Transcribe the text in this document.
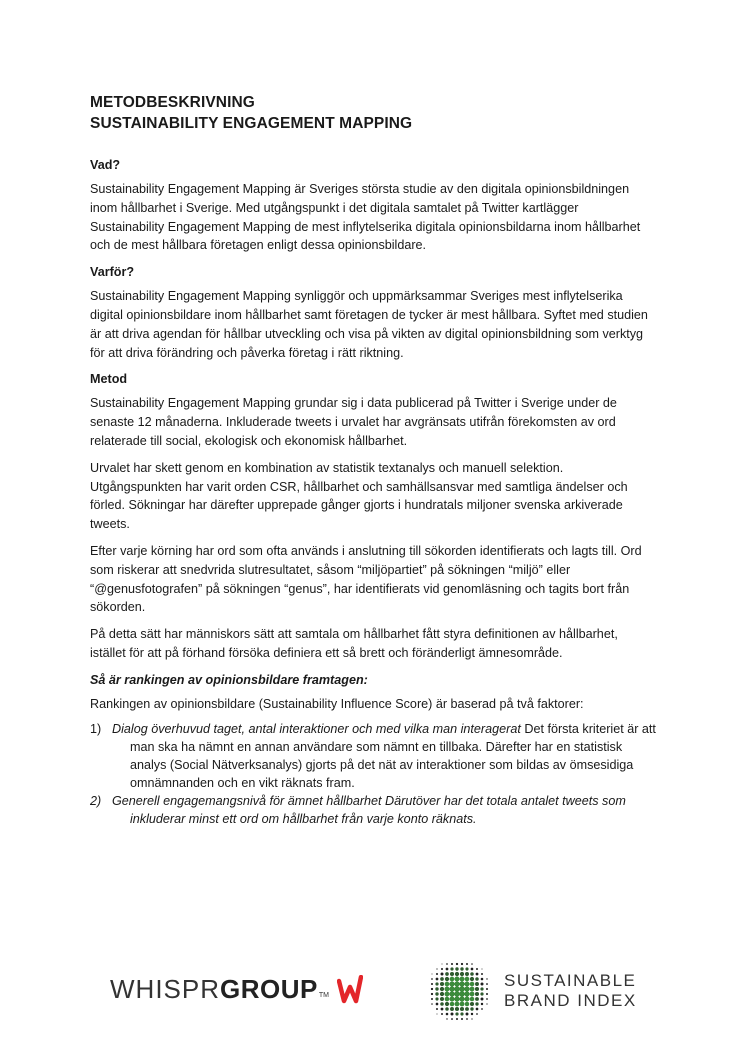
METODBESKRIVNING
SUSTAINABILITY ENGAGEMENT MAPPING

Vad?

Sustainability Engagement Mapping är Sveriges största studie av den digitala opinionsbildningen inom hållbarhet i Sverige. Med utgångspunkt i det digitala samtalet på Twitter kartlägger Sustainability Engagement Mapping de mest inflytelserika digitala opinionsbildarna inom hållbarhet och de mest hållbara företagen enligt dessa opinionsbildare.

Varför?

Sustainability Engagement Mapping synliggör och uppmärksammar Sveriges mest inflytelserika digital opinionsbildare inom hållbarhet samt företagen de tycker är mest hållbara. Syftet med studien är att driva agendan för hållbar utveckling och visa på vikten av digital opinionsbildning som verktyg för att driva förändring och påverka företag i rätt riktning.

Metod

Sustainability Engagement Mapping grundar sig i data publicerad på Twitter i Sverige under de senaste 12 månaderna. Inkluderade tweets i urvalet har avgränsats utifrån förekomsten av ord relaterade till social, ekologisk och ekonomisk hållbarhet.

Urvalet har skett genom en kombination av statistik textanalys och manuell selektion. Utgångspunkten har varit orden CSR, hållbarhet och samhällsansvar med samtliga ändelser och förled. Sökningar har därefter upprepade gånger gjorts i hundratals miljoner svenska arkiverade tweets.

Efter varje körning har ord som ofta används i anslutning till sökorden identifierats och lagts till. Ord som riskerar att snedvrida slutresultatet, såsom “miljöpartiet” på sökningen “miljö” eller “@genusfotografen” på sökningen “genus”, har identifierats vid genomläsning och tagits bort från sökorden.

På detta sätt har människors sätt att samtala om hållbarhet fått styra definitionen av hållbarhet, istället för att på förhand försöka definiera ett så brett och föränderligt ämnesområde.

Så är rankingen av opinionsbildare framtagen:

Rankingen av opinionsbildare (Sustainability Influence Score) är baserad på två faktorer:

1) Dialog överhuvud taget, antal interaktioner och med vilka man interagerat Det första kriteriet är att man ska ha nämnt en annan användare som nämnt en tillbaka. Därefter har en statistisk analys (Social Nätverksanalys) gjorts på det nät av interaktioner som bildas av ömsesidiga omnämnanden och en vikt räknats fram.
2) Generell engagemangsnivå för ämnet hållbarhet Därutöver har det totala antalet tweets som inkluderar minst ett ord om hållbarhet från varje konto räknats.
WHISPR GROUP TM
SUSTAINABLE
BRAND INDEX
